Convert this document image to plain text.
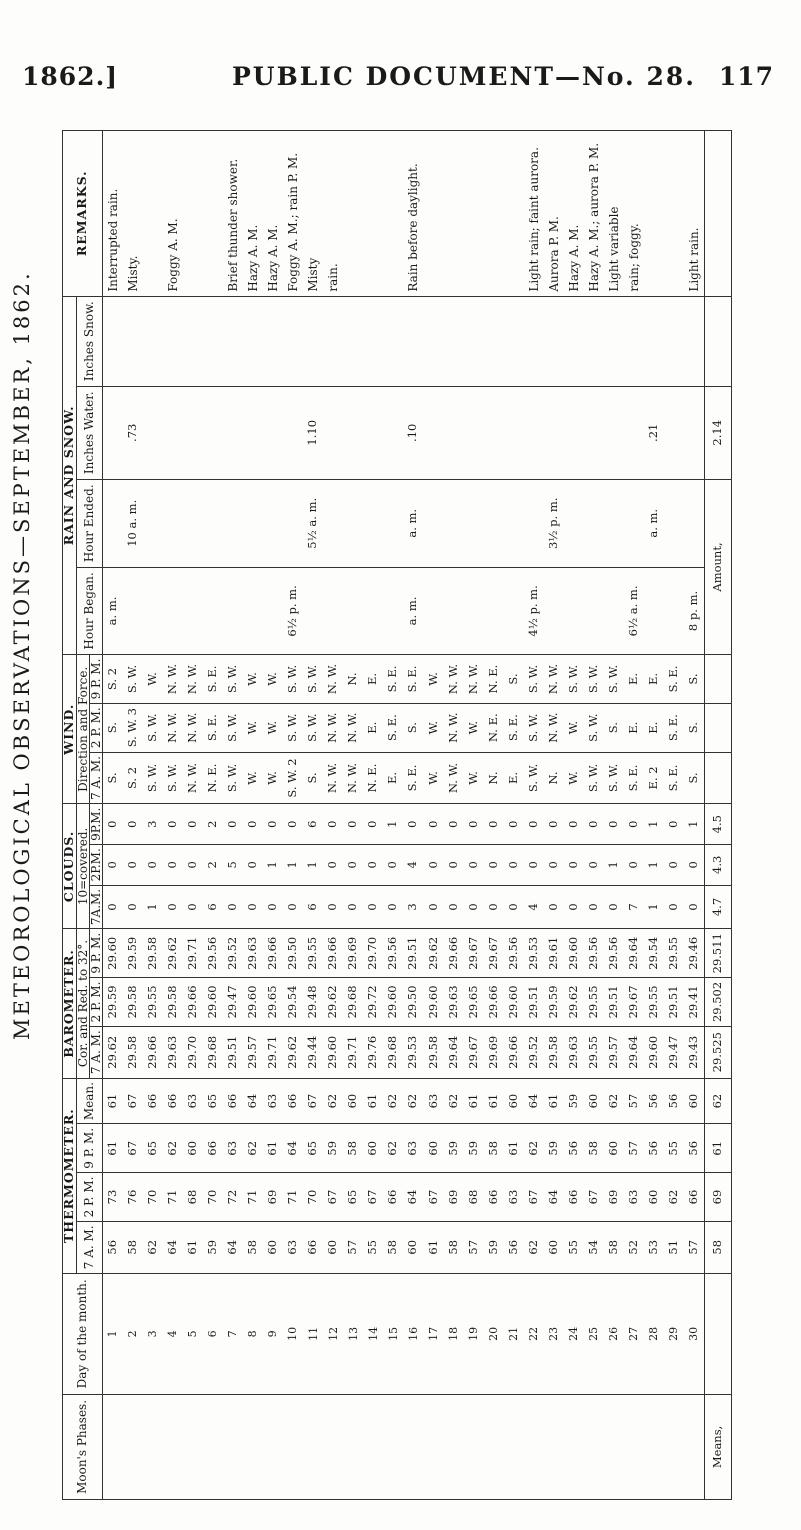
1862.]	PUBLIC DOCUMENT—No. 28. 117
METEOROLOGICAL OBSERVATIONS—SEPTEMBER, 1862.
Moon's Phases.	Day of the month.	THERMOMETER.				BAROMETER.			CLOUDS.			WIND.			RAIN AND SNOW.				REMARKS.
		7 A. M.	2 P. M.	9 P. M.	Mean.	Cor. and Red. to 32°.			10=covered.			Direction and Force.			Hour Began.	Hour Ended.	Inches Water.	Inches Snow.	
						7 A. M.	2 P. M.	9 P. M.	7A.M.	2P.M.	9P.M.	7 A. M.	2 P. M.	9 P. M.					
	1	56	73	61	61	29.62	29.59	29.60	0	0	0	S.	S.	S. 2	a. m.				Interrupted rain.
	2	58	76	67	67	29.58	29.58	29.59	0	0	0	S. 2	S. W. 3	S. W.		10 a. m.	.73		Misty.
	3	62	70	65	66	29.66	29.55	29.58	1	0	3	S. W.	S. W.	W.					
	4	64	71	62	66	29.63	29.58	29.62	0	0	0	S. W.	N. W.	N. W.					Foggy A. M.
	5	61	68	60	63	29.70	29.66	29.71	0	0	0	N. W.	N. W.	N. W.					
	6	59	70	66	65	29.68	29.60	29.56	6	2	2	N. E.	S. E.	S. E.					
	7	64	72	63	66	29.51	29.47	29.52	0	5	0	S. W.	S. W.	S. W.					Brief thunder shower.
	8	58	71	62	64	29.57	29.60	29.63	0	0	0	W.	W.	W.					Hazy A. M.
	9	60	69	61	63	29.71	29.65	29.66	0	1	0	W.	W.	W.					Hazy A. M.
	10	63	71	64	66	29.62	29.54	29.50	0	1	0	S. W. 2	S. W.	S. W.	6½ p. m.				Foggy A. M.; rain P. M.
	11	66	70	65	67	29.44	29.48	29.55	6	1	6	S.	S. W.	S. W.		5½ a. m.	1.10		Misty
	12	60	67	59	62	29.60	29.62	29.66	0	0	0	N. W.	N. W.	N. W.					rain.
	13	57	65	58	60	29.71	29.68	29.69	0	0	0	N. W.	N. W.	N.					
	14	55	67	60	61	29.76	29.72	29.70	0	0	0	N. E.	E.	E.					
	15	58	66	62	62	29.68	29.60	29.56	0	0	1	E.	S. E.	S. E.					
	16	60	64	63	62	29.53	29.50	29.51	3	4	0	S. E.	S.	S. E.	a. m.	a. m.	.10		Rain before daylight.
	17	61	67	60	63	29.58	29.60	29.62	0	0	0	W.	W.	W.					
	18	58	69	59	62	29.64	29.63	29.66	0	0	0	N. W.	N. W.	N. W.					
	19	57	68	59	61	29.67	29.65	29.67	0	0	0	W.	W.	N. W.					
	20	59	66	58	61	29.69	29.66	29.67	0	0	0	N.	N. E.	N. E.					
	21	56	63	61	60	29.66	29.60	29.56	0	0	0	E.	S. E.	S.					
	22	62	67	62	64	29.52	29.51	29.53	4	0	0	S. W.	S. W.	S. W.	4½ p. m.				Light rain; faint aurora.
	23	60	64	59	61	29.58	29.59	29.61	0	0	0	N.	N. W.	N. W.		3½ p. m.			Aurora P. M.
	24	55	66	56	59	29.63	29.62	29.60	0	0	0	W.	W.	S. W.					Hazy A. M.
	25	54	67	58	60	29.55	29.55	29.56	0	0	0	S. W.	S. W.	S. W.					Hazy A. M.; aurora P. M.
	26	58	69	60	62	29.57	29.51	29.56	0	1	0	S. W.	S.	S. W.					Light variable
	27	52	63	57	57	29.64	29.67	29.64	7	0	0	S. E.	E.	E.	6½ a. m.				rain; foggy.
	28	53	60	56	56	29.60	29.55	29.54	1	1	1	E. 2	E.	E.		a. m.	.21		
	29	51	62	55	56	29.47	29.51	29.55	0	0	0	S. E.	S. E.	S. E.					
	30	57	66	56	60	29.43	29.41	29.46	0	0	1	S.	S.	S.	8 p. m.				Light rain.
Means,		58	69	61	62	29.525	29.502	29.511	4.7	4.3	4.5				Amount,		2.14		
